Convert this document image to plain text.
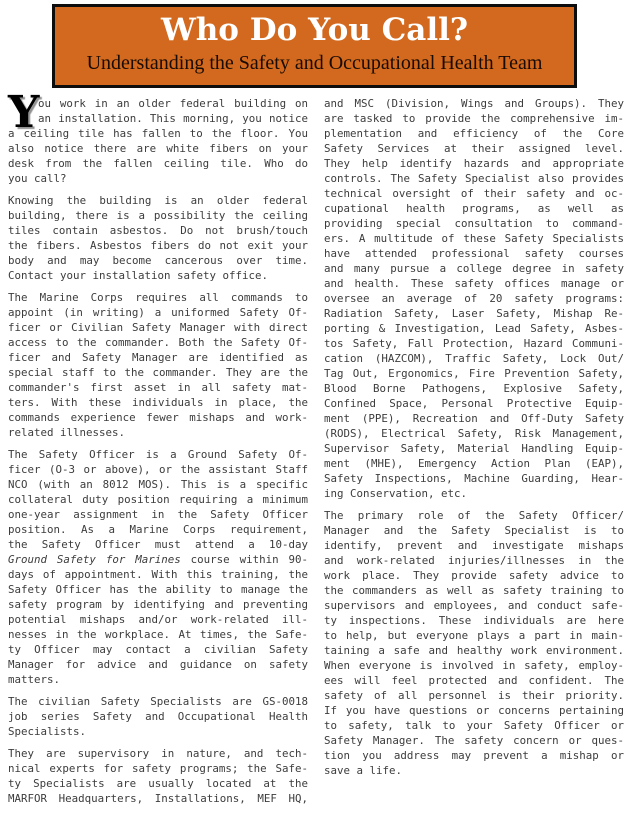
Who Do You Call?
Understanding the Safety and Occupational Health Team
Y
ou work in an older federal building on
an installation. This morning, you notice
a ceiling tile has fallen to the floor. You
also notice there are white fibers on your
desk from the fallen ceiling tile. Who do
you call?
Knowing the building is an older federal
building, there is a possibility the ceiling
tiles contain asbestos. Do not brush/touch
the fibers. Asbestos fibers do not exit your
body and may become cancerous over time.
Contact your installation safety office.
The Marine Corps requires all commands to
appoint (in writing) a uniformed Safety Of-
ficer or Civilian Safety Manager with direct
access to the commander. Both the Safety Of-
ficer and Safety Manager are identified as
special staff to the commander. They are the
commander's first asset in all safety mat-
ters. With these individuals in place, the
commands experience fewer mishaps and work-
related illnesses.
The Safety Officer is a Ground Safety Of-
ficer (O-3 or above), or the assistant Staff
NCO (with an 8012 MOS). This is a specific
collateral duty position requiring a minimum
one-year assignment in the Safety Officer
position. As a Marine Corps requirement,
the Safety Officer must attend a 10-day
Ground Safety for Marines course within 90-
days of appointment. With this training, the
Safety Officer has the ability to manage the
safety program by identifying and preventing
potential mishaps and/or work-related ill-
nesses in the workplace. At times, the Safe-
ty Officer may contact a civilian Safety
Manager for advice and guidance on safety
matters.
The civilian Safety Specialists are GS-0018
job series Safety and Occupational Health
Specialists.
They are supervisory in nature, and tech-
nical experts for safety programs; the Safe-
ty Specialists are usually located at the
MARFOR Headquarters, Installations, MEF HQ,
and MSC (Division, Wings and Groups). They
are tasked to provide the comprehensive im-
plementation and efficiency of the Core
Safety Services at their assigned level.
They help identify hazards and appropriate
controls. The Safety Specialist also provides
technical oversight of their safety and oc-
cupational health programs, as well as
providing special consultation to command-
ers. A multitude of these Safety Specialists
have attended professional safety courses
and many pursue a college degree in safety
and health. These safety offices manage or
oversee an average of 20 safety programs:
Radiation Safety, Laser Safety, Mishap Re-
porting & Investigation, Lead Safety, Asbes-
tos Safety, Fall Protection, Hazard Communi-
cation (HAZCOM), Traffic Safety, Lock Out/
Tag Out, Ergonomics, Fire Prevention Safety,
Blood Borne Pathogens, Explosive Safety,
Confined Space, Personal Protective Equip-
ment (PPE), Recreation and Off-Duty Safety
(RODS), Electrical Safety, Risk Management,
Supervisor Safety, Material Handling Equip-
ment (MHE), Emergency Action Plan (EAP),
Safety Inspections, Machine Guarding, Hear-
ing Conservation, etc.
The primary role of the Safety Officer/
Manager and the Safety Specialist is to
identify, prevent and investigate mishaps
and work-related injuries/illnesses in the
work place. They provide safety advice to
the commanders as well as safety training to
supervisors and employees, and conduct safe-
ty inspections. These individuals are here
to help, but everyone plays a part in main-
taining a safe and healthy work environment.
When everyone is involved in safety, employ-
ees will feel protected and confident. The
safety of all personnel is their priority.
If you have questions or concerns pertaining
to safety, talk to your Safety Officer or
Safety Manager. The safety concern or ques-
tion you address may prevent a mishap or
save a life.
